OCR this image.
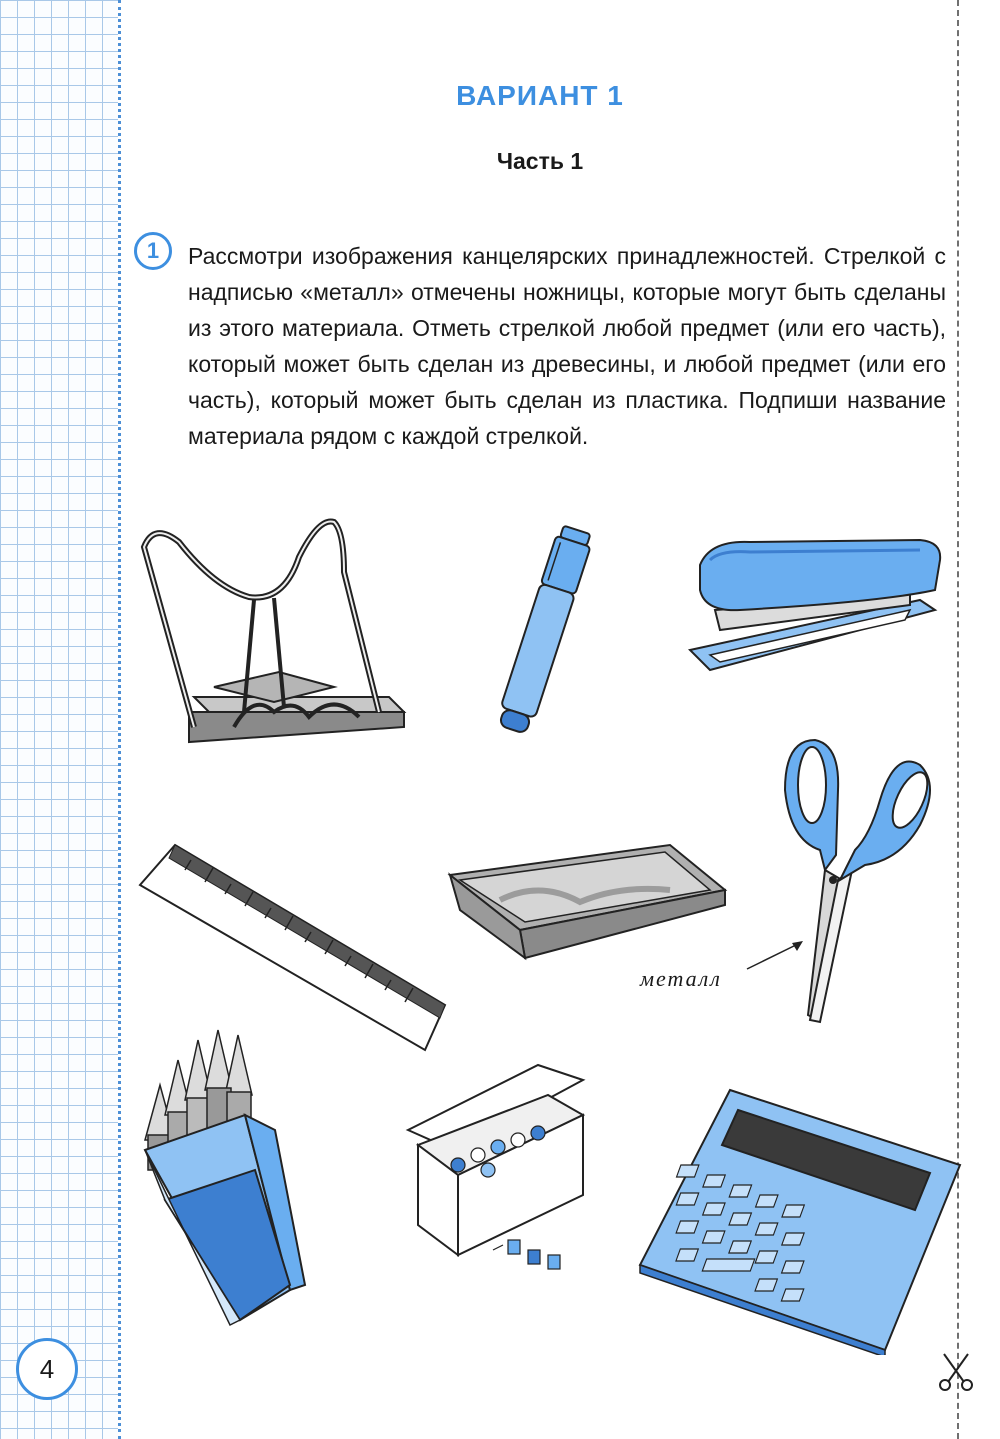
ВАРИАНТ 1
Часть 1
1	Рассмотри изображения канцелярских принадлежностей. Стрелкой с надписью «металл» отмечены ножницы, которые могут быть сделаны из этого материала. Отметь стрелкой любой предмет (или его часть), который может быть сделан из древесины, и любой предмет (или его часть), который может быть сделан из пластика. Подпиши название материала рядом с каждой стрелкой.
металл
4
